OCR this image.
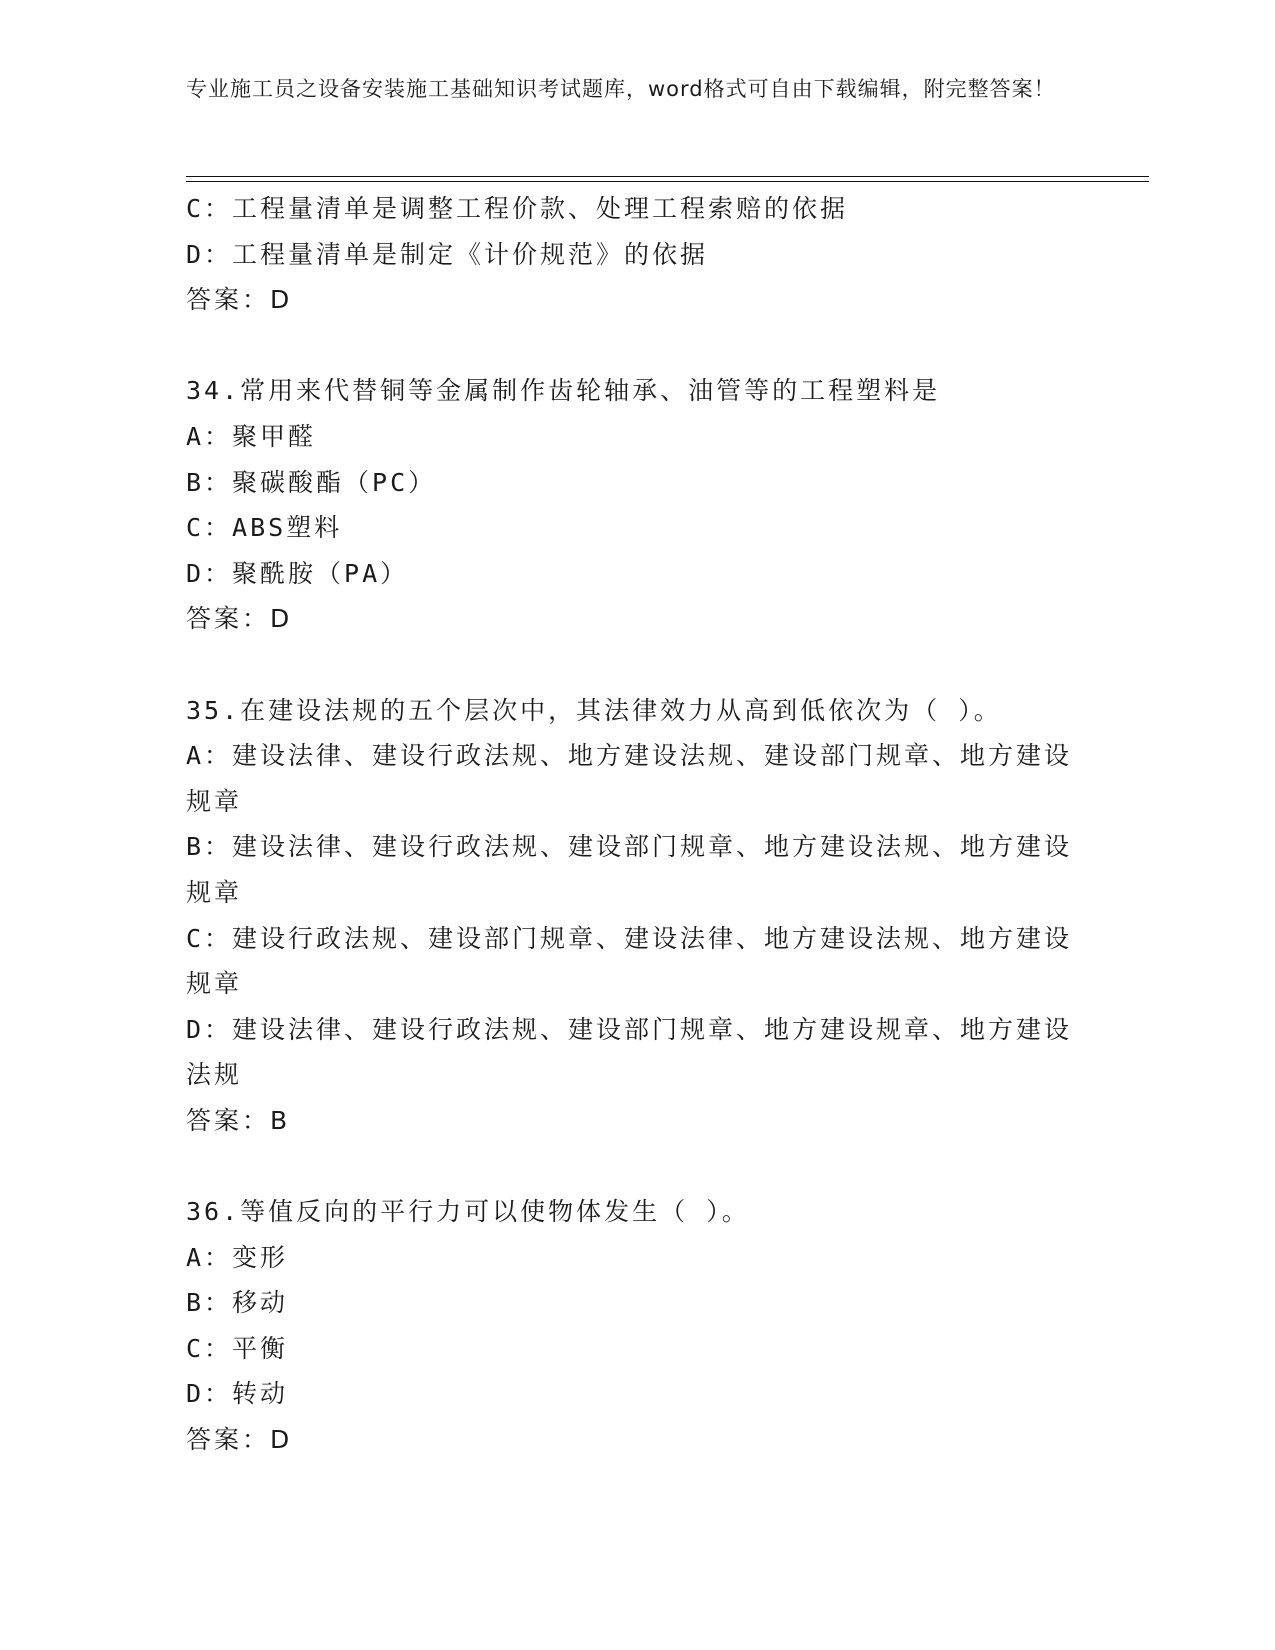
专业施工员之设备安装施工基础知识考试题库，word格式可自由下载编辑，附完整答案！

C：工程量清单是调整工程价款、处理工程索赔的依据

D：工程量清单是制定《计价规范》的依据

答案：D

34.常用来代替铜等金属制作齿轮轴承、油管等的工程塑料是

A：聚甲醛

B：聚碳酸酯（PC）

C：ABS塑料

D：聚酰胺（PA）

答案：D

35.在建设法规的五个层次中，其法律效力从高到低依次为（ ）。

A：建设法律、建设行政法规、地方建设法规、建设部门规章、地方建设规章

B：建设法律、建设行政法规、建设部门规章、地方建设法规、地方建设规章

C：建设行政法规、建设部门规章、建设法律、地方建设法规、地方建设规章

D：建设法律、建设行政法规、建设部门规章、地方建设规章、地方建设法规

答案：B

36.等值反向的平行力可以使物体发生（ ）。

A：变形

B：移动

C：平衡

D：转动

答案：D
